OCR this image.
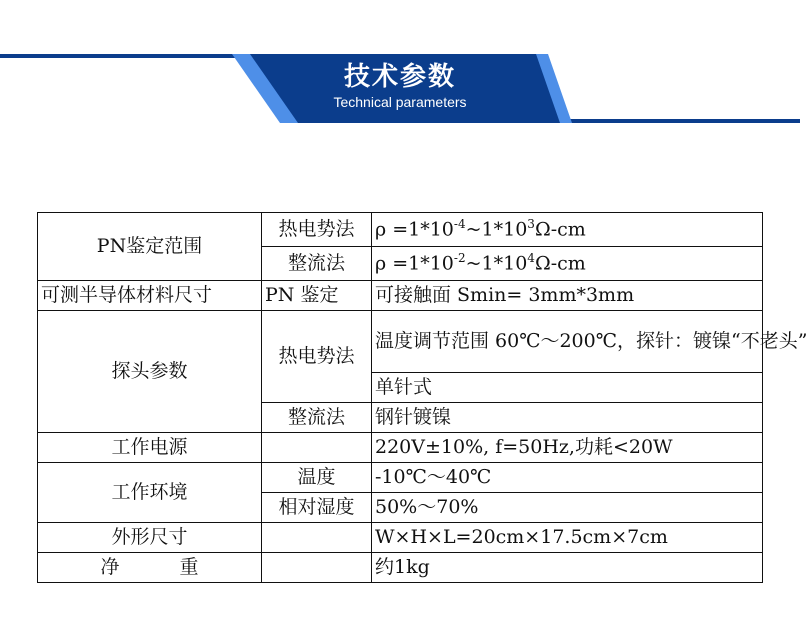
技术参数
Technical parameters
PN鉴定范围	热电势法	$\rho =1*10^{-4}\sim 1*10^3\Omega-cm$
	整流法	$\rho =1*10^{-2}\sim 1*10^4\Omega-cm$
可测半导体材料尺寸	PN 鉴定	可接触面 Smin= 3mm*3mm
探头参数	热电势法	温度调节范围 60℃～200℃，探针：镀镍“不老头”
		单针式
	整流法	钢针镀镍
工作电源		220V±10%, f=50Hz,功耗<20W
工作环境	温度	-10℃～40℃
	相对湿度	50%～70%
外形尺寸		W×H×L=20cm×17.5cm×7cm
净 重		约1kg
